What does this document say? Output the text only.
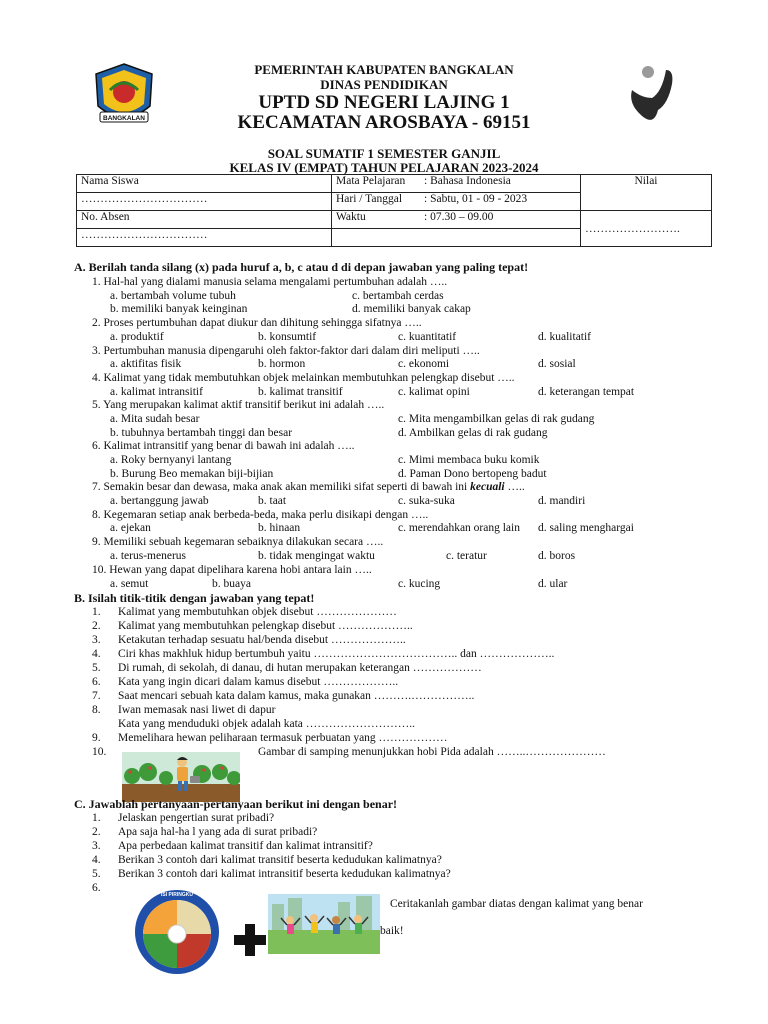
BANGKALAN
PEMERINTAH KABUPATEN BANGKALAN
DINAS PENDIDIKAN
UPTD SD NEGERI LAJING 1
KECAMATAN AROSBAYA - 69151
SOAL SUMATIF 1 SEMESTER GANJIL
KELAS IV (EMPAT) TAHUN PELAJARAN 2023-2024
Nama Siswa	Mata Pelajaran : Bahasa Indonesia	Nilai
……………………………	Hari / Tanggal : Sabtu, 01 - 09 - 2023	
No. Absen	Waktu : 07.30 – 09.00	…………………….
……………………………		
A. Berilah tanda silang (x) pada huruf a, b, c atau d di depan jawaban yang paling tepat!
1. Hal-hal yang dialami manusia selama mengalami pertumbuhan adalah …..
a. bertambah volume tubuh	c. bertambah cerdas
b. memiliki banyak keinginan	d. memiliki banyak cakap
2. Proses pertumbuhan dapat diukur dan dihitung sehingga sifatnya …..
a. produktif	b. konsumtif	c. kuantitatif	d. kualitatif
3. Pertumbuhan manusia dipengaruhi oleh faktor-faktor dari dalam diri meliputi …..
a. aktifitas fisik	b. hormon	c. ekonomi	d. sosial
4. Kalimat yang tidak membutuhkan objek melainkan membutuhkan pelengkap disebut …..
a. kalimat intransitif	b. kalimat transitif	c. kalimat opini	d. keterangan tempat
5. Yang merupakan kalimat aktif transitif berikut ini adalah …..
a. Mita sudah besar	c. Mita mengambilkan gelas di rak gudang
b. tubuhnya bertambah tinggi dan besar	d. Ambilkan gelas di rak gudang
6. Kalimat intransitif yang benar di bawah ini adalah …..
a. Roky bernyanyi lantang	c. Mimi membaca buku komik
b. Burung Beo memakan biji-bijian	d. Paman Dono bertopeng badut
7. Semakin besar dan dewasa, maka anak akan memiliki sifat seperti di bawah ini kecuali …..
a. bertanggung jawab	b. taat	c. suka-suka	d. mandiri
8. Kegemaran setiap anak berbeda-beda, maka perlu disikapi dengan …..
a. ejekan	b. hinaan	c. merendahkan orang lain d. saling menghargai
9. Memiliki sebuah kegemaran sebaiknya dilakukan secara …..
a. terus-menerus	b. tidak mengingat waktu	c. teratur	d. boros
10. Hewan yang dapat dipelihara karena hobi antara lain …..
a. semut	b. buaya	c. kucing	d. ular
B. Isilah titik-titik dengan jawaban yang tepat!
1. Kalimat yang membutuhkan objek disebut …………………
2. Kalimat yang membutuhkan pelengkap disebut ………………..
3. Ketakutan terhadap sesuatu hal/benda disebut ………………..
4. Ciri khas makhluk hidup bertumbuh yaitu ……………………………….. dan ………………..
5. Di rumah, di sekolah, di danau, di hutan merupakan keterangan ………………
6. Kata yang ingin dicari dalam kamus disebut ………………..
7. Saat mencari sebuah kata dalam kamus, maka gunakan ……….……………..
8. Iwan memasak nasi liwet di dapur
Kata yang menduduki objek adalah kata ………………………..
9. Memelihara hewan peliharaan termasuk perbuatan yang ………………
10.	Gambar di samping menunjukkan hobi Pida adalah ……..…………………
C. Jawablah pertanyaan-pertanyaan berikut ini dengan benar!
1. Jelaskan pengertian surat pribadi?
2. Apa saja hal-ha l yang ada di surat pribadi?
3. Apa perbedaan kalimat transitif dan kalimat intransitif?
4. Berikan 3 contoh dari kalimat transitif beserta kedudukan kalimatnya?
5. Berikan 3 contoh dari kalimat intransitif beserta kedudukan kalimatnya?
6.
ISI PIRINGKU
Ceritakanlah gambar diatas dengan kalimat yang benar
baik!
